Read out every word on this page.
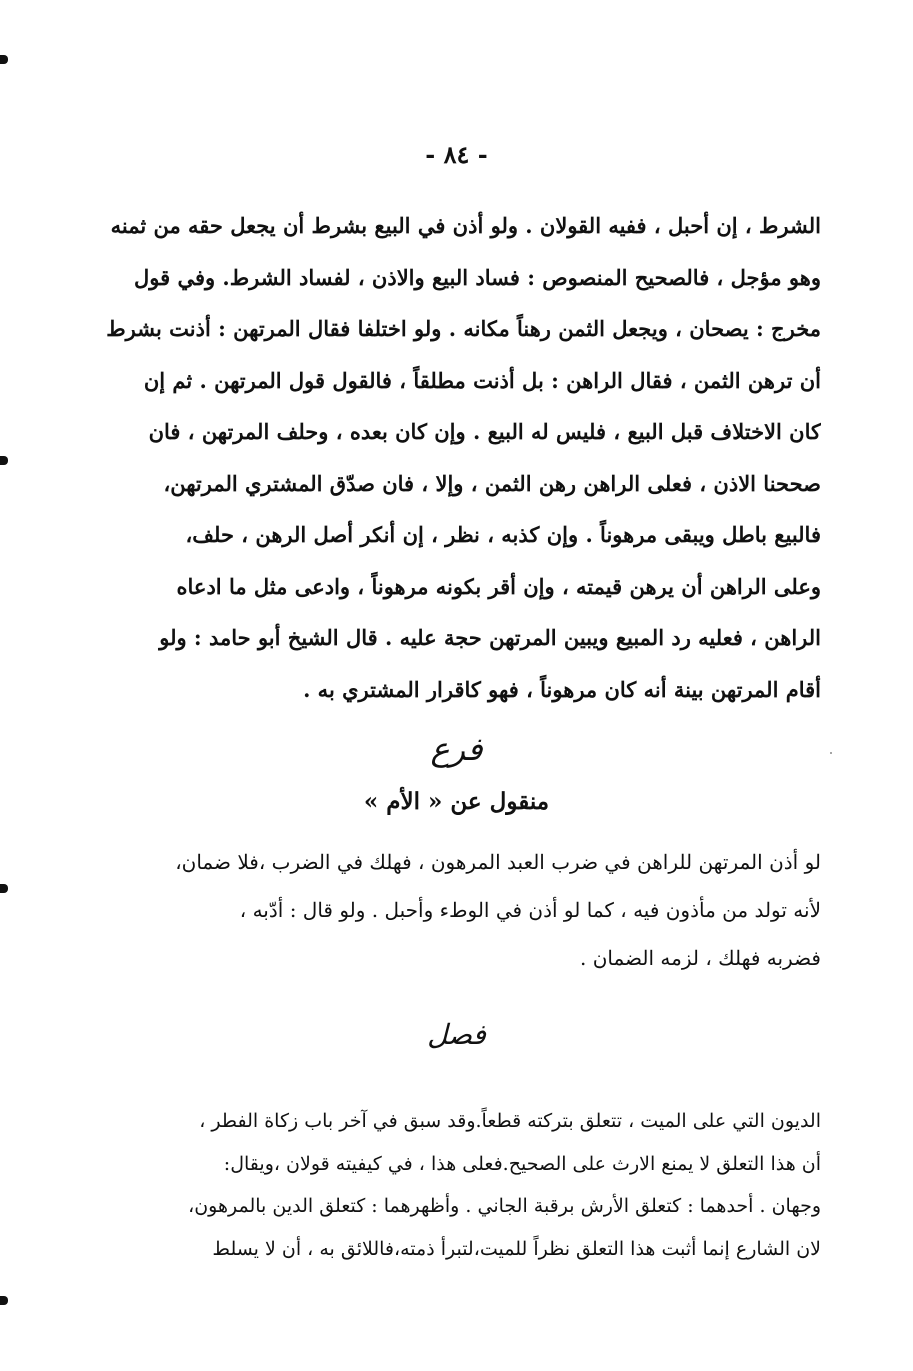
- ٨٤ -
الشرط ، إن أحبل ، ففيه القولان . ولو أذن في البيع بشرط أن يجعل حقه من ثمنه
وهو مؤجل ، فالصحيح المنصوص : فساد البيع والاذن ، لفساد الشرط. وفي قول
مخرج : يصحان ، ويجعل الثمن رهناً مكانه . ولو اختلفا فقال المرتهن : أذنت بشرط
أن ترهن الثمن ، فقال الراهن : بل أذنت مطلقاً ، فالقول قول المرتهن . ثم إن
كان الاختلاف قبل البيع ، فليس له البيع . وإن كان بعده ، وحلف المرتهن ، فان
صححنا الاذن ، فعلى الراهن رهن الثمن ، وإلا ، فان صدّق المشتري المرتهن،
فالبيع باطل ويبقى مرهوناً . وإن كذبه ، نظر ، إن أنكر أصل الرهن ، حلف،
وعلى الراهن أن يرهن قيمته ، وإن أقر بكونه مرهوناً ، وادعى مثل ما ادعاه
الراهن ، فعليه رد المبيع ويبين المرتهن حجة عليه . قال الشيخ أبو حامد : ولو
أقام المرتهن بينة أنه كان مرهوناً ، فهو كاقرار المشتري به .
فرع
منقول عن « الأم »
لو أذن المرتهن للراهن في ضرب العبد المرهون ، فهلك في الضرب ،فلا ضمان،
لأنه تولد من مأذون فيه ، كما لو أذن في الوطء وأحبل . ولو قال : أدّبه ،
فضربه فهلك ، لزمه الضمان .
فصل
الديون التي على الميت ، تتعلق بتركته قطعاً.وقد سبق في آخر باب زكاة الفطر ،
أن هذا التعلق لا يمنع الارث على الصحيح.فعلى هذا ، في كيفيته قولان ،ويقال:
وجهان . أحدهما : كتعلق الأرش برقبة الجاني . وأظهرهما : كتعلق الدين بالمرهون،
لان الشارع إنما أثبت هذا التعلق نظراً للميت،لتبرأ ذمته،فاللائق به ، أن لا يسلط
